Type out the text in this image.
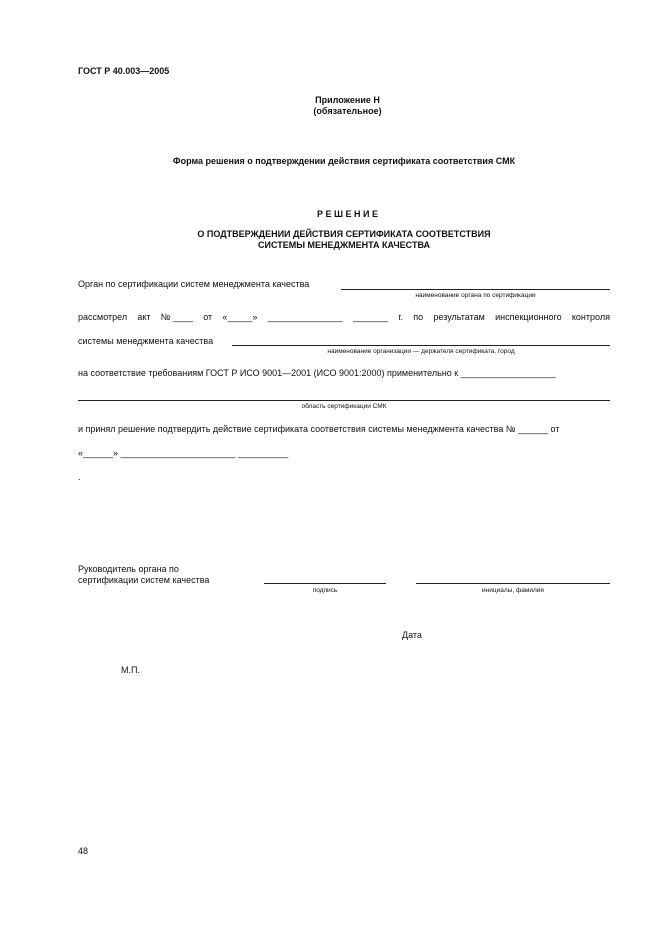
ГОСТ Р 40.003—2005
Приложение Н
(обязательное)
Форма решения о подтверждении действия сертификата соответствия СМК
Р Е Ш Е Н И Е
О ПОДТВЕРЖДЕНИИ ДЕЙСТВИЯ СЕРТИФИКАТА СООТВЕТСТВИЯ
СИСТЕМЫ МЕНЕДЖМЕНТА КАЧЕСТВА
Орган по сертификации систем менеджмента качества
наименование органа по сертификации
рассмотрел акт № ____ от «_____» _______________ _______ г. по результатам инспекционного контроля
системы менеджмента качества
наименование организации — держателя сертификата, город
на соответствие требованиям ГОСТ Р ИСО 9001—2001 (ИСО 9001:2000) применительно к ___________________
область сертификации СМК
и принял решение подтвердить действие сертификата соответствия системы менеджмента качества № ______ от
«______» _______________________ __________
.
Руководитель органа по
сертификации систем качества
подпись	инициалы, фамилия
Дата
М.П.
48
